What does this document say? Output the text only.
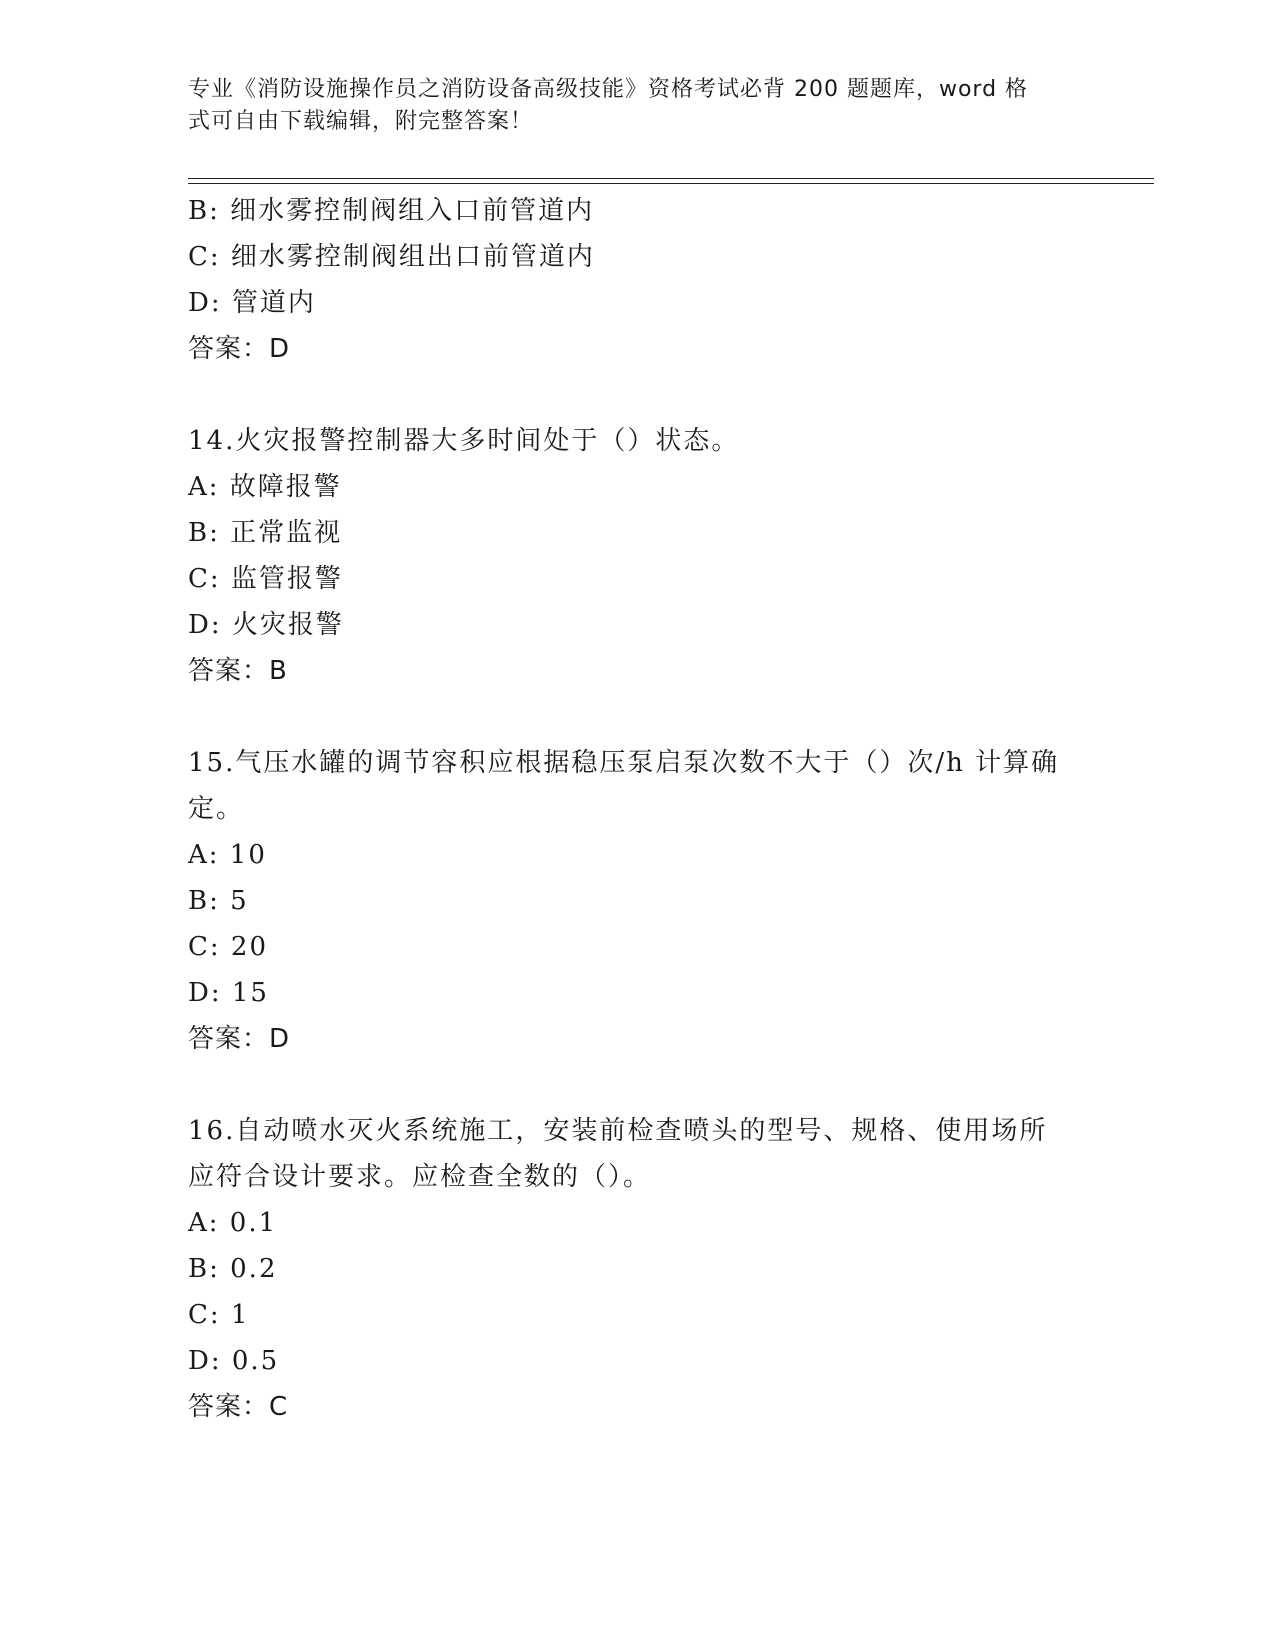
专业《消防设施操作员之消防设备高级技能》资格考试必背 200 题题库，word 格
式可自由下载编辑，附完整答案！
B: 细水雾控制阀组入口前管道内
C: 细水雾控制阀组出口前管道内
D: 管道内
答案：D
14.火灾报警控制器大多时间处于（）状态。
A: 故障报警
B: 正常监视
C: 监管报警
D: 火灾报警
答案：B
15.气压水罐的调节容积应根据稳压泵启泵次数不大于（）次/h 计算确
定。
A: 10
B: 5
C: 20
D: 15
答案：D
16.自动喷水灭火系统施工，安装前检查喷头的型号、规格、使用场所
应符合设计要求。应检查全数的（）。
A: 0.1
B: 0.2
C: 1
D: 0.5
答案：C
